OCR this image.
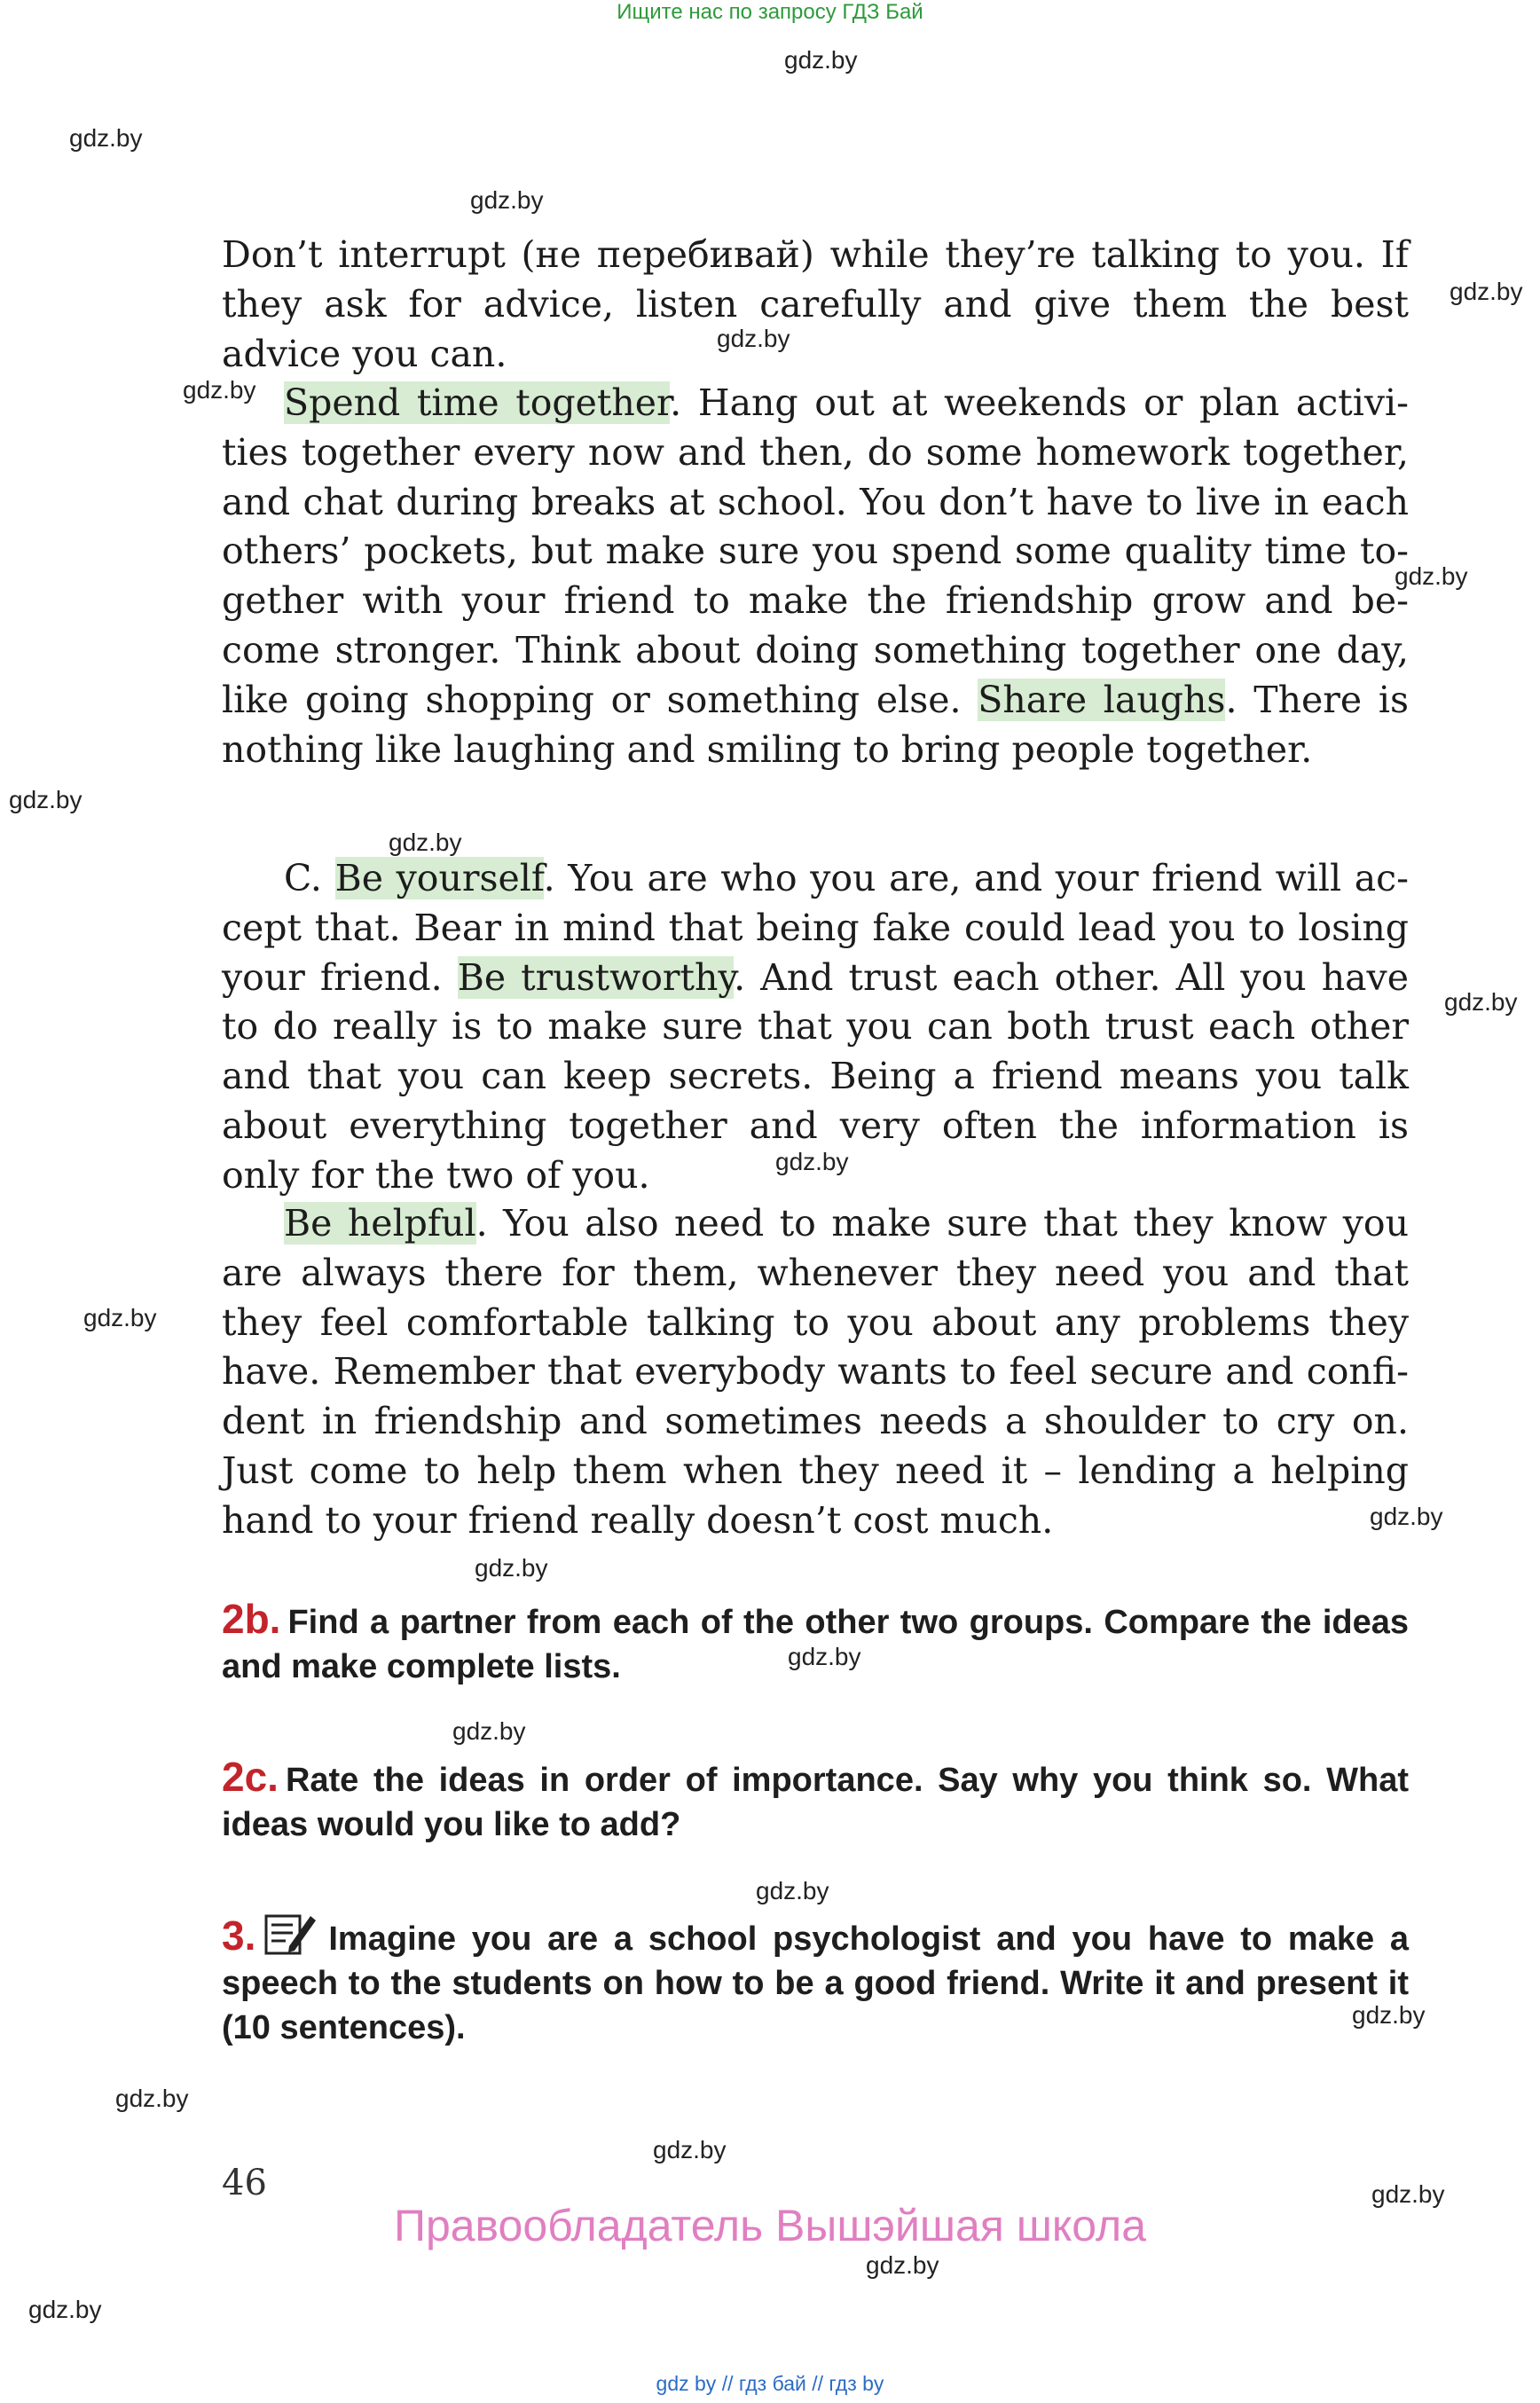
Ищите нас по запросу ГДЗ Бай
gdz.by
gdz.by
gdz.by
gdz.by
gdz.by
gdz.by
gdz.by
gdz.by
gdz.by
gdz.by
gdz.by
gdz.by
gdz.by
gdz.by
gdz.by
gdz.by
gdz.by
gdz.by
gdz.by
gdz.by
gdz.by
gdz.by
gdz.by
Don’t interrupt (не перебивай) while they’re talking to you. If they ask for advice, listen carefully and give them the best advice you can.
Spend time together. Hang out at weekends or plan activities together every now and then, do some homework together, and chat during breaks at school. You don’t have to live in each others’ pockets, but make sure you spend some quality time together with your friend to make the friendship grow and become stronger. Think about doing something together one day, like going shopping or something else. Share laughs. There is nothing like laughing and smiling to bring people together.
C. Be yourself. You are who you are, and your friend will accept that. Bear in mind that being fake could lead you to losing your friend. Be trustworthy. And trust each other. All you have to do really is to make sure that you can both trust each other and that you can keep secrets. Being a friend means you talk about everything together and very often the information is only for the two of you.
Be helpful. You also need to make sure that they know you are always there for them, whenever they need you and that they feel comfortable talking to you about any problems they have. Remember that everybody wants to feel secure and confident in friendship and sometimes needs a shoulder to cry on. Just come to help them when they need it – lending a helping hand to your friend really doesn’t cost much.
2b. Find a partner from each of the other two groups. Compare the ideas and make complete lists.
2c. Rate the ideas in order of importance. Say why you think so. What ideas would you like to add?
3. Imagine you are a school psychologist and you have to make a speech to the students on how to be a good friend. Write it and present it (10 sentences).
46
Правообладатель Вышэйшая школа
gdz by // гдз бай // гдз by
